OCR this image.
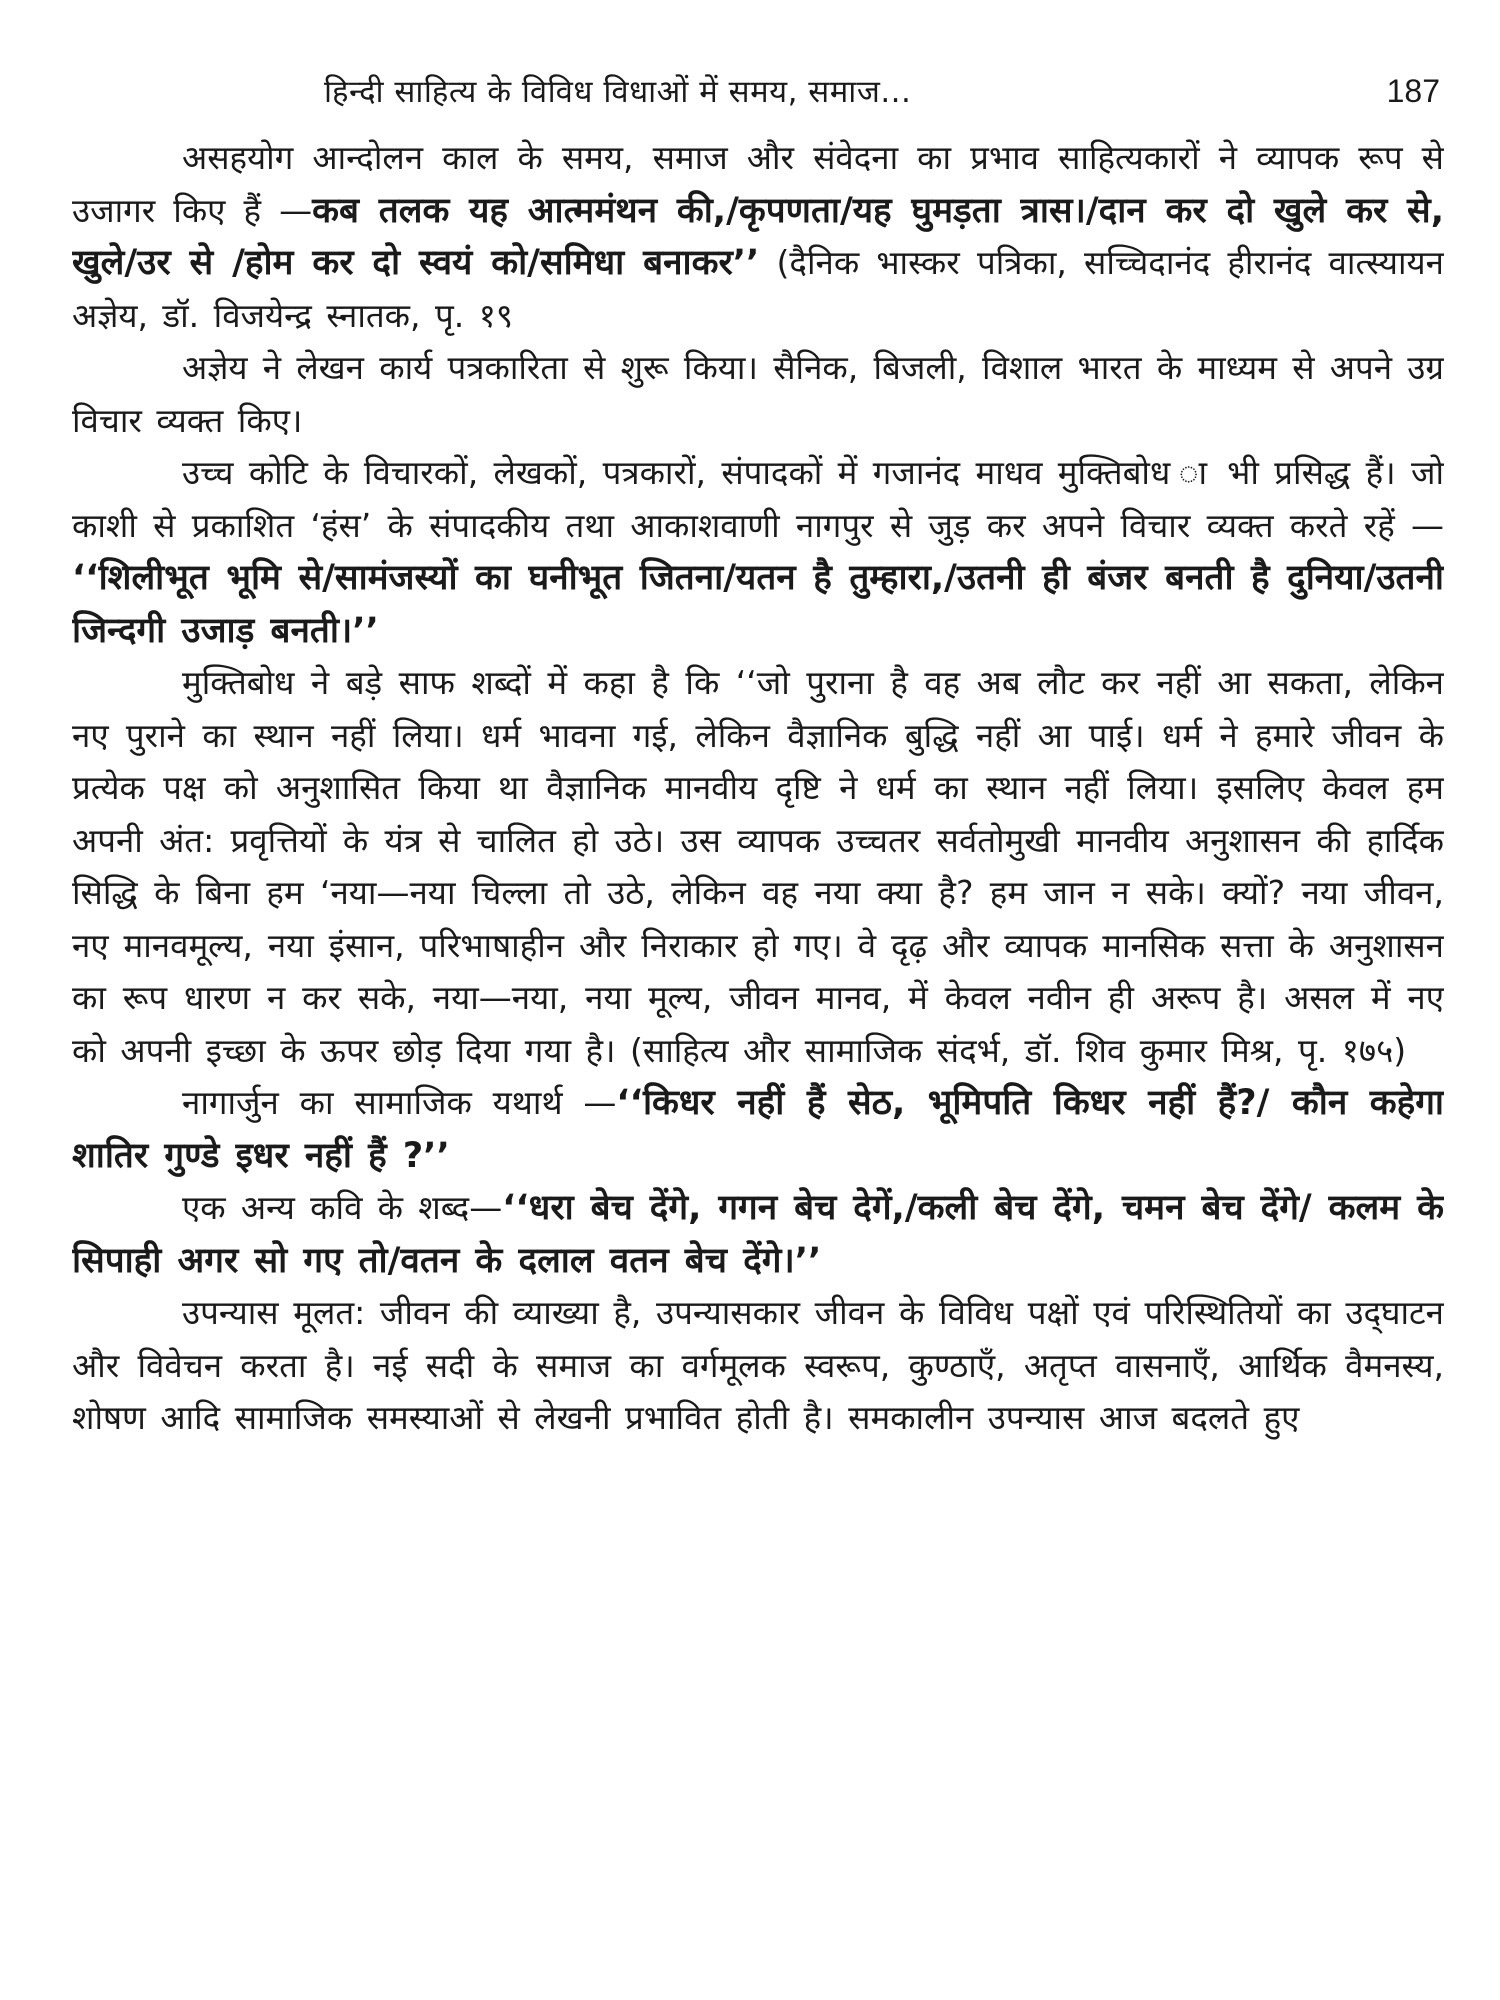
हिन्दी साहित्य के विविध विधाओं में समय, समाज...	187

असहयोग आन्दोलन काल के समय, समाज और संवेदना का प्रभाव साहित्यकारों ने व्यापक रूप से उजागर किए हैं —कब तलक यह आत्ममंथन की,/कृपणता/यह घुमड़ता त्रास।/दान कर दो खुले कर से, खुले/उर से /होम कर दो स्वयं को/समिधा बनाकर’’ (दैनिक भास्कर पत्रिका, सच्चिदानंद हीरानंद वात्स्यायन अज्ञेय, डॉ. विजयेन्द्र स्नातक, पृ. १९

अज्ञेय ने लेखन कार्य पत्रकारिता से शुरू किया। सैनिक, बिजली, विशाल भारत के माध्यम से अपने उग्र विचार व्यक्त किए।

उच्च कोटि के विचारकों, लेखकों, पत्रकारों, संपादकों में गजानंद माधव मुक्तिबोध ा भी प्रसिद्ध हैं। जो काशी से प्रकाशित ‘हंस’ के संपादकीय तथा आकाशवाणी नागपुर से जुड़ कर अपने विचार व्यक्त करते रहें — ‘‘शिलीभूत भूमि से/सामंजस्यों का घनीभूत जितना/यतन है तुम्हारा,/उतनी ही बंजर बनती है दुनिया/उतनी जिन्दगी उजाड़ बनती।’’

मुक्तिबोध ने बड़े साफ शब्दों में कहा है कि ‘‘जो पुराना है वह अब लौट कर नहीं आ सकता, लेकिन नए पुराने का स्थान नहीं लिया। धर्म भावना गई, लेकिन वैज्ञानिक बुद्धि नहीं आ पाई। धर्म ने हमारे जीवन के प्रत्येक पक्ष को अनुशासित किया था वैज्ञानिक मानवीय दृष्टि ने धर्म का स्थान नहीं लिया। इसलिए केवल हम अपनी अंत: प्रवृत्तियों के यंत्र से चालित हो उठे। उस व्यापक उच्चतर सर्वतोमुखी मानवीय अनुशासन की हार्दिक सिद्धि के बिना हम ‘नया—नया चिल्ला तो उठे, लेकिन वह नया क्या है? हम जान न सके। क्यों? नया जीवन, नए मानवमूल्य, नया इंसान, परिभाषाहीन और निराकार हो गए। वे दृढ़ और व्यापक मानसिक सत्ता के अनुशासन का रूप धारण न कर सके, नया—नया, नया मूल्य, जीवन मानव, में केवल नवीन ही अरूप है। असल में नए को अपनी इच्छा के ऊपर छोड़ दिया गया है। (साहित्य और सामाजिक संदर्भ, डॉ. शिव कुमार मिश्र, पृ. १७५)

नागार्जुन का सामाजिक यथार्थ —‘‘किधर नहीं हैं सेठ, भूमिपति किधर नहीं हैं?/ कौन कहेगा शातिर गुण्डे इधर नहीं हैं ?’’

एक अन्य कवि के शब्द—‘‘धरा बेच देंगे, गगन बेच देगें,/कली बेच देंगे, चमन बेच देंगे/ कलम के सिपाही अगर सो गए तो/वतन के दलाल वतन बेच देंगे।’’

उपन्यास मूलत: जीवन की व्याख्या है, उपन्यासकार जीवन के विविध पक्षों एवं परिस्थितियों का उद्‌घाटन और विवेचन करता है। नई सदी के समाज का वर्गमूलक स्वरूप, कुण्ठाएँ, अतृप्त वासनाएँ, आर्थिक वैमनस्य, शोषण आदि सामाजिक समस्याओं से लेखनी प्रभावित होती है। समकालीन उपन्यास आज बदलते हुए
